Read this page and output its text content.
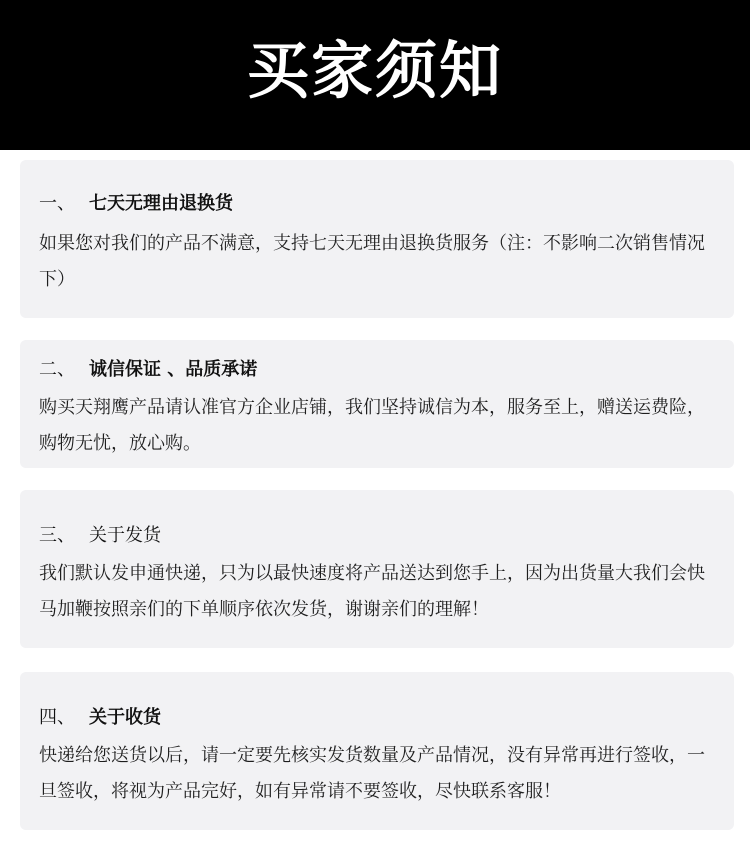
买家须知
一、 七天无理由退换货
如果您对我们的产品不满意，支持七天无理由退换货服务（注：不影响二次销售情况下）
二、 诚信保证 、品质承诺
购买天翔鹰产品请认准官方企业店铺，我们坚持诚信为本，服务至上，赠送运费险，购物无忧，放心购。
三、 关于发货
我们默认发申通快递，只为以最快速度将产品送达到您手上，因为出货量大我们会快马加鞭按照亲们的下单顺序依次发货，谢谢亲们的理解！
四、 关于收货
快递给您送货以后，请一定要先核实发货数量及产品情况，没有异常再进行签收，一旦签收，将视为产品完好，如有异常请不要签收，尽快联系客服！
